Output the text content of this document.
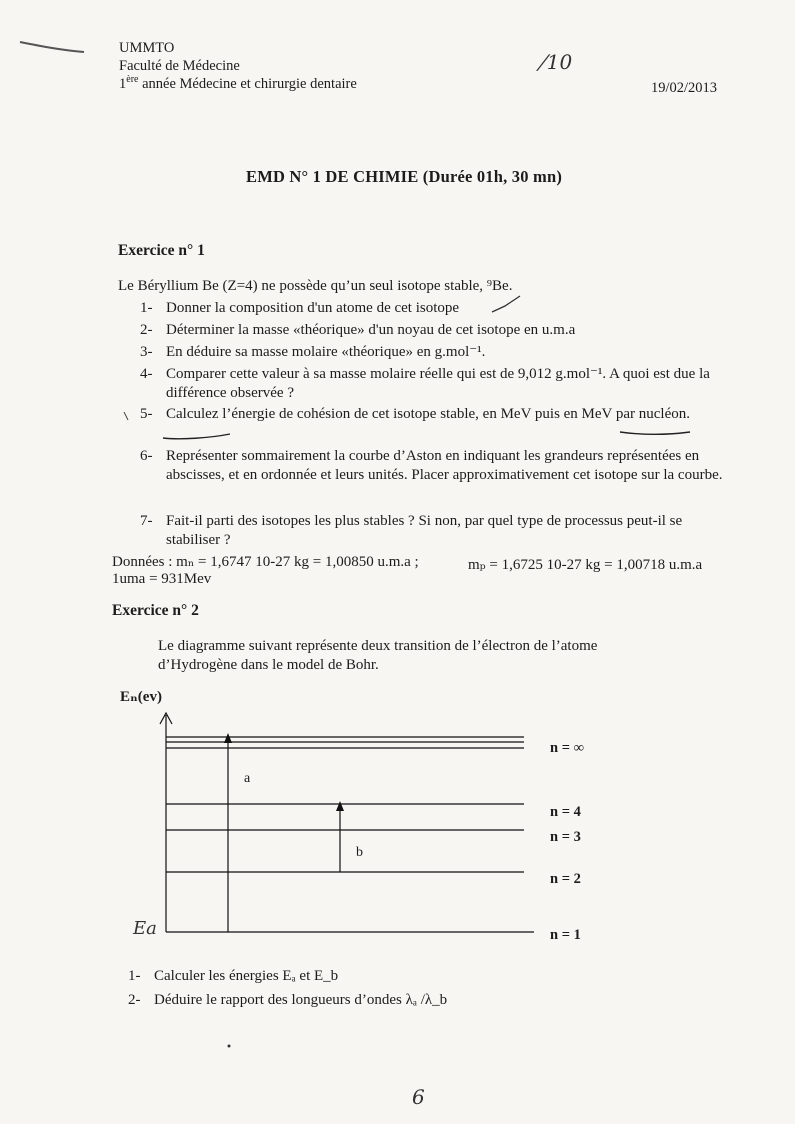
UMMTO
Faculté de Médecine
1ère année Médecine et chirurgie dentaire
/10
19/02/2013
EMD N° 1 DE CHIMIE (Durée 01h, 30 mn)
Exercice n° 1
Le Béryllium Be (Z=4) ne possède qu’un seul isotope stable, ⁹Be.
1- Donner la composition d'un atome de cet isotope
2- Déterminer la masse «théorique» d'un noyau de cet isotope en u.m.a
3- En déduire sa masse molaire «théorique» en g.mol⁻¹.
4- Comparer cette valeur à sa masse molaire réelle qui est de 9,012 g.mol⁻¹. A quoi est due la différence observée ?
5- Calculez l’énergie de cohésion de cet isotope stable, en MeV puis en MeV par nucléon.
6- Représenter sommairement la courbe d’Aston en indiquant les grandeurs représentées en abscisses, et en ordonnée et leurs unités. Placer approximativement cet isotope sur la courbe.
7- Fait-il parti des isotopes les plus stables ? Si non, par quel type de processus peut-il se stabiliser ?
Données : mₙ = 1,6747 10-27 kg = 1,00850 u.m.a ;	mₚ = 1,6725 10-27 kg = 1,00718 u.m.a
1uma = 931Mev
Exercice n° 2
Le diagramme suivant représente deux transition de l’électron de l’atome d’Hydrogène dans le model de Bohr.
Eₙ(ev)
a
b
n = ∞
n = 4
n = 3
n = 2
n = 1
Ea
1- Calculer les énergies Eₐ et E_b
2- Déduire le rapport des longueurs d’ondes λₐ /λ_b
6
